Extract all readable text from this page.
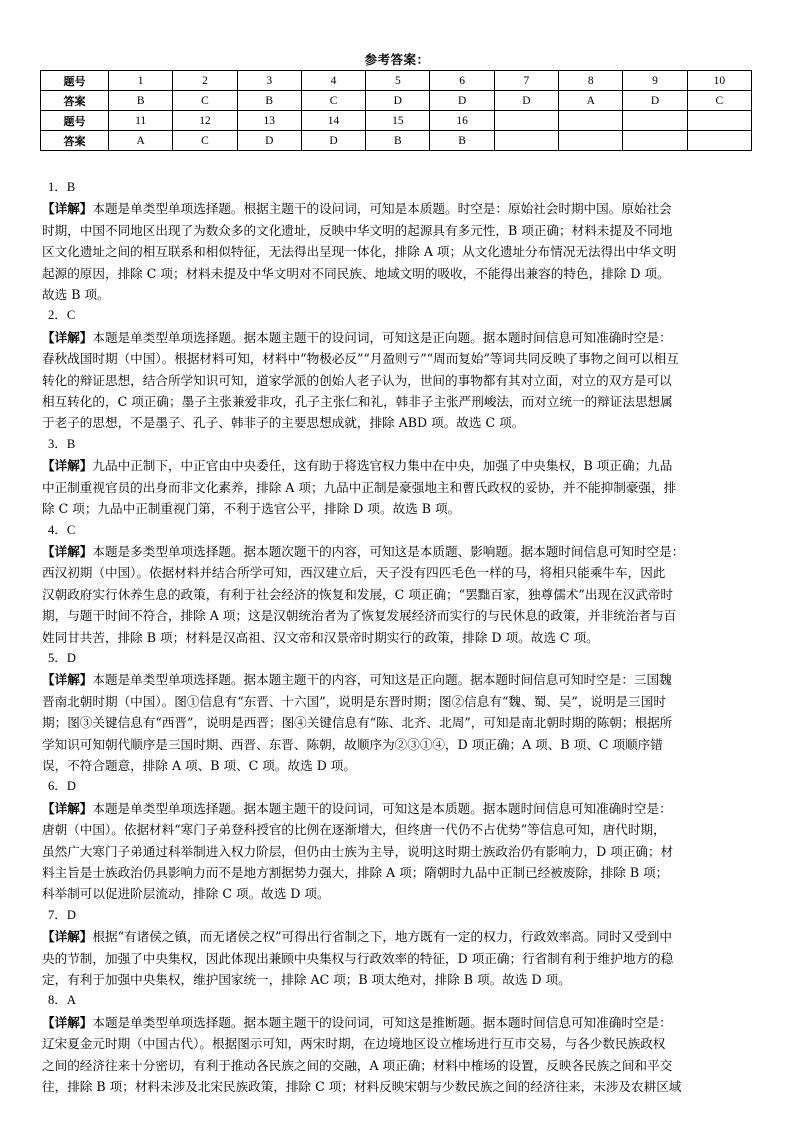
参考答案：
题号	1	2	3	4	5	6	7	8	9	10
答案	B	C	B	C	D	D	D	A	D	C
题号	11	12	13	14	15	16				
答案	A	C	D	D	B	B				

1．B

【详解】本题是单类型单项选择题。根据主题干的设问词，可知是本质题。时空是：原始社会时期中国。原始社会

时期，中国不同地区出现了为数众多的文化遗址，反映中华文明的起源具有多元性，B 项正确；材料未提及不同地

区文化遗址之间的相互联系和相似特征，无法得出呈现一体化，排除 A 项；从文化遗址分布情况无法得出中华文明

起源的原因，排除 C 项；材料未提及中华文明对不同民族、地域文明的吸收，不能得出兼容的特色，排除 D 项。

故选 B 项。

2．C

【详解】本题是单类型单项选择题。据本题主题干的设问词，可知这是正向题。据本题时间信息可知准确时空是：

春秋战国时期（中国）。根据材料可知，材料中“物极必反”“月盈则亏”“周而复始”等词共同反映了事物之间可以相互

转化的辩证思想，结合所学知识可知，道家学派的创始人老子认为，世间的事物都有其对立面，对立的双方是可以

相互转化的，C 项正确；墨子主张兼爱非攻，孔子主张仁和礼，韩非子主张严刑峻法，而对立统一的辩证法思想属

于老子的思想，不是墨子、孔子、韩非子的主要思想成就，排除 ABD 项。故选 C 项。

3．B

【详解】九品中正制下，中正官由中央委任，这有助于将选官权力集中在中央，加强了中央集权，B 项正确；九品

中正制重视官员的出身而非文化素养，排除 A 项；九品中正制是豪强地主和曹氏政权的妥协，并不能抑制豪强，排

除 C 项；九品中正制重视门第，不利于选官公平，排除 D 项。故选 B 项。

4．C

【详解】本题是多类型单项选择题。据本题次题干的内容，可知这是本质题、影响题。据本题时间信息可知时空是：

西汉初期（中国）。依据材料并结合所学可知，西汉建立后，天子没有四匹毛色一样的马，将相只能乘牛车，因此

汉朝政府实行休养生息的政策，有利于社会经济的恢复和发展，C 项正确；“罢黜百家，独尊儒术”出现在汉武帝时

期，与题干时间不符合，排除 A 项；这是汉朝统治者为了恢复发展经济而实行的与民休息的政策，并非统治者与百

姓同甘共苦，排除 B 项；材料是汉高祖、汉文帝和汉景帝时期实行的政策，排除 D 项。故选 C 项。

5．D

【详解】本题是单类型单项选择题。据本题主题干的内容，可知这是正向题。据本题时间信息可知时空是：三国魏

晋南北朝时期（中国）。图①信息有“东晋、十六国”，说明是东晋时期；图②信息有“魏、蜀、吴”，说明是三国时

期；图③关键信息有“西晋”，说明是西晋；图④关键信息有“陈、北齐、北周”，可知是南北朝时期的陈朝；根据所

学知识可知朝代顺序是三国时期、西晋、东晋、陈朝，故顺序为②③①④，D 项正确；A 项、B 项、C 项顺序错

误，不符合题意，排除 A 项、B 项、C 项。故选 D 项。

6．D

【详解】本题是单类型单项选择题。据本题主题干的设问词，可知这是本质题。据本题时间信息可知准确时空是：

唐朝（中国）。依据材料“寒门子弟登科授官的比例在逐渐增大，但终唐一代仍不占优势”等信息可知，唐代时期，

虽然广大寒门子弟通过科举制进入权力阶层，但仍由士族为主导，说明这时期士族政治仍有影响力，D 项正确；材

料主旨是士族政治仍具影响力而不是地方割据势力强大，排除 A 项；隋朝时九品中正制已经被废除，排除 B 项；

科举制可以促进阶层流动，排除 C 项。故选 D 项。

7．D

【详解】根据“有诸侯之镇，而无诸侯之权”可得出行省制之下，地方既有一定的权力，行政效率高。同时又受到中

央的节制，加强了中央集权，因此体现出兼顾中央集权与行政效率的特征，D 项正确；行省制有利于维护地方的稳

定，有利于加强中央集权，维护国家统一，排除 AC 项；B 项太绝对，排除 B 项。故选 D 项。

8．A

【详解】本题是单类型单项选择题。据本题主题干的设问词，可知这是推断题。据本题时间信息可知准确时空是：

辽宋夏金元时期（中国古代）。根据图示可知，两宋时期，在边境地区设立榷场进行互市交易，与各少数民族政权

之间的经济往来十分密切，有利于推动各民族之间的交融，A 项正确；材料中榷场的设置，反映各民族之间和平交

往，排除 B 项；材料未涉及北宋民族政策，排除 C 项；材料反映宋朝与少数民族之间的经济往来，未涉及农耕区域
